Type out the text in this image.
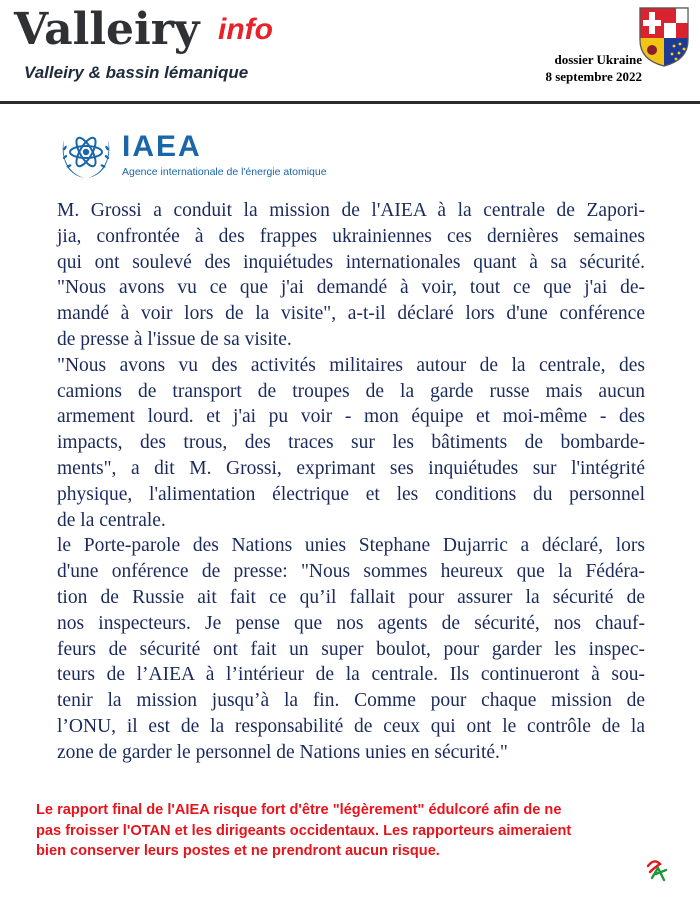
Valleiry info
Valleiry & bassin lémanique
dossier Ukraine
8 septembre 2022
IAEA
Agence internationale de l'énergie atomique
M. Grossi a conduit la mission de l'AIEA à la centrale de Zapori-
jia, confrontée à des frappes ukrainiennes ces dernières semaines
qui ont soulevé des inquiétudes internationales quant à sa sécurité.
"Nous avons vu ce que j'ai demandé à voir, tout ce que j'ai de-
mandé à voir lors de la visite", a-t-il déclaré lors d'une conférence
de presse à l'issue de sa visite.
"Nous avons vu des activités militaires autour de la centrale, des
camions de transport de troupes de la garde russe mais aucun
armement lourd. et j'ai pu voir - mon équipe et moi-même - des
impacts, des trous, des traces sur les bâtiments de bombarde-
ments", a dit M. Grossi, exprimant ses inquiétudes sur l'intégrité
physique, l'alimentation électrique et les conditions du personnel
de la centrale.
le Porte-parole des Nations unies Stephane Dujarric a déclaré, lors
d'une onférence de presse: "Nous sommes heureux que la Fédéra-
tion de Russie ait fait ce qu’il fallait pour assurer la sécurité de
nos inspecteurs. Je pense que nos agents de sécurité, nos chauf-
feurs de sécurité ont fait un super boulot, pour garder les inspec-
teurs de l’AIEA à l’intérieur de la centrale. Ils continueront à sou-
tenir la mission jusqu’à la fin. Comme pour chaque mission de
l’ONU, il est de la responsabilité de ceux qui ont le contrôle de la
zone de garder le personnel de Nations unies en sécurité."
Le rapport final de l'AIEA risque fort d'être "légèrement" édulcoré afin de ne
pas froisser l'OTAN et les dirigeants occidentaux. Les rapporteurs aimeraient
bien conserver leurs postes et ne prendront aucun risque.
